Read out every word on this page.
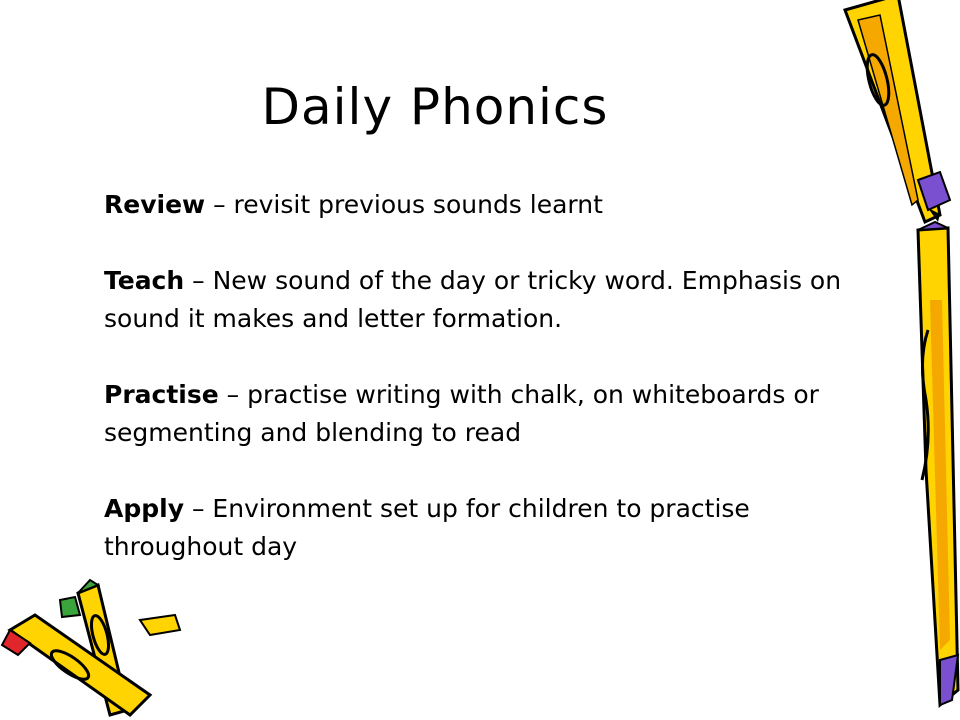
Daily Phonics

Review – revisit previous sounds learnt

Teach – New sound of the day or tricky word. Emphasis on sound it makes and letter formation.

Practise – practise writing with chalk, on whiteboards or segmenting and blending to read

Apply – Environment set up for children to practise throughout day
